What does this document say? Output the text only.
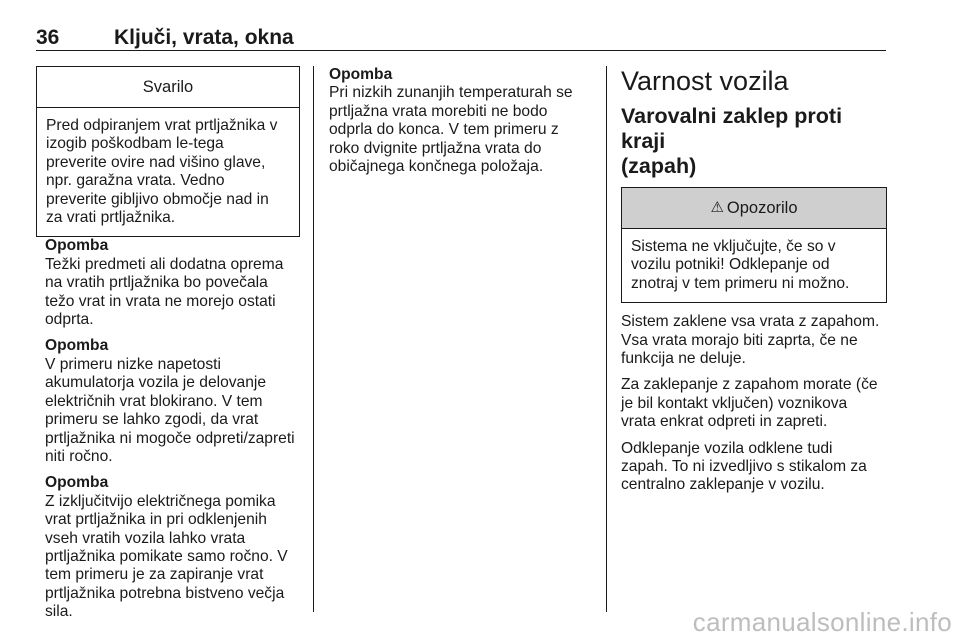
36	Ključi, vrata, okna
Svarilo
Pred odpiranjem vrat prtljažnika v
izogib poškodbam le-tega
preverite ovire nad višino glave,
npr. garažna vrata. Vedno
preverite gibljivo območje nad in
za vrati prtljažnika.
Opomba
Težki predmeti ali dodatna oprema
na vratih prtljažnika bo povečala
težo vrat in vrata ne morejo ostati
odprta.
Opomba
V primeru nizke napetosti
akumulatorja vozila je delovanje
električnih vrat blokirano. V tem
primeru se lahko zgodi, da vrat
prtljažnika ni mogoče odpreti/zapreti
niti ročno.
Opomba
Z izključitvijo električnega pomika
vrat prtljažnika in pri odklenjenih
vseh vratih vozila lahko vrata
prtljažnika pomikate samo ročno. V
tem primeru je za zapiranje vrat
prtljažnika potrebna bistveno večja
sila.
Opomba
Pri nizkih zunanjih temperaturah se
prtljažna vrata morebiti ne bodo
odprla do konca. V tem primeru z
roko dvignite prtljažna vrata do
običajnega končnega položaja.
Varnost vozila
Varovalni zaklep proti kraji
(zapah)
⚠ Opozorilo
Sistema ne vključujte, če so v
vozilu potniki! Odklepanje od
znotraj v tem primeru ni možno.
Sistem zaklene vsa vrata z zapahom.
Vsa vrata morajo biti zaprta, če ne
funkcija ne deluje.
Za zaklepanje z zapahom morate (če
je bil kontakt vključen) voznikova
vrata enkrat odpreti in zapreti.
Odklepanje vozila odklene tudi
zapah. To ni izvedljivo s stikalom za
centralno zaklepanje v vozilu.
carmanualsonline.info
